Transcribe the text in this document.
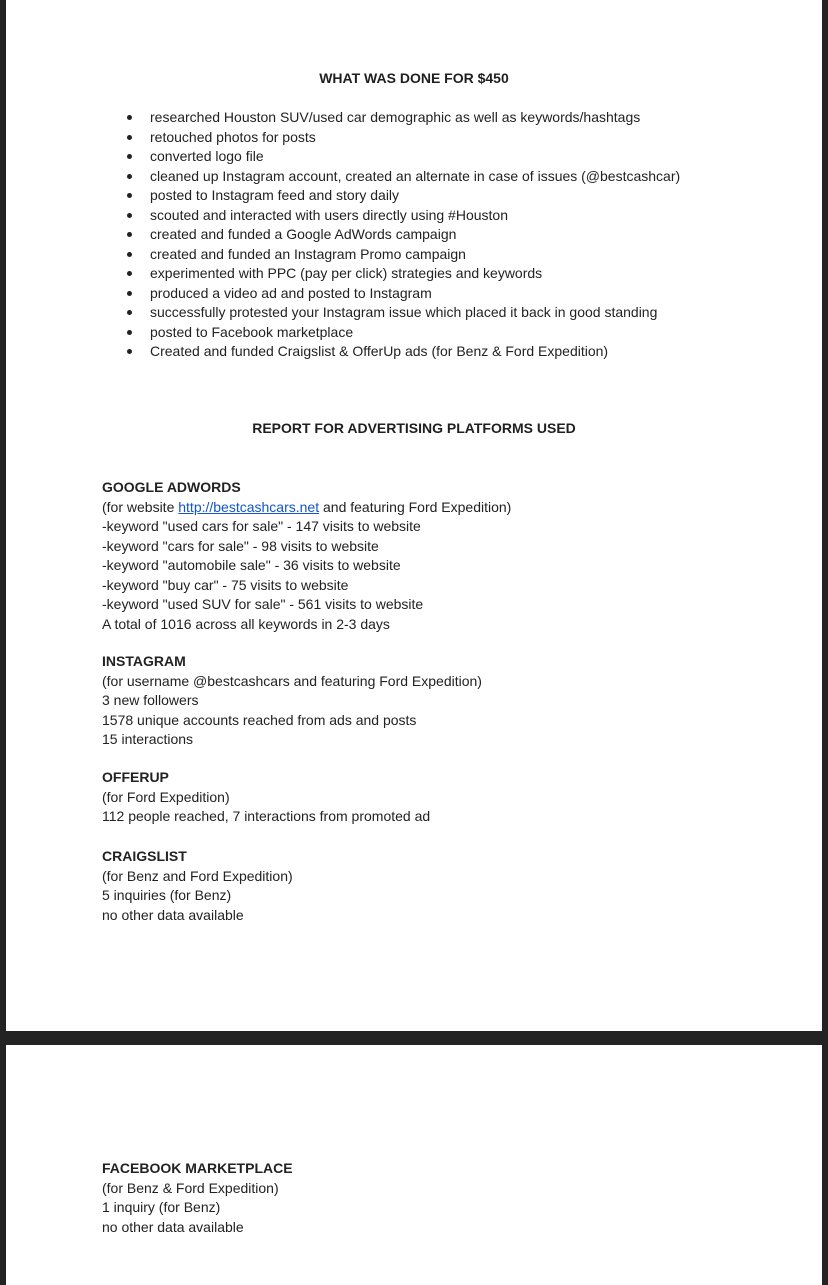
WHAT WAS DONE FOR $450
researched Houston SUV/used car demographic as well as keywords/hashtags
retouched photos for posts
converted logo file
cleaned up Instagram account, created an alternate in case of issues (@bestcashcar)
posted to Instagram feed and story daily
scouted and interacted with users directly using #Houston
created and funded a Google AdWords campaign
created and funded an Instagram Promo campaign
experimented with PPC (pay per click) strategies and keywords
produced a video ad and posted to Instagram
successfully protested your Instagram issue which placed it back in good standing
posted to Facebook marketplace
Created and funded Craigslist & OfferUp ads (for Benz & Ford Expedition)
REPORT FOR ADVERTISING PLATFORMS USED
GOOGLE ADWORDS
(for website http://bestcashcars.net and featuring Ford Expedition)
-keyword "used cars for sale" - 147 visits to website
-keyword "cars for sale" - 98 visits to website
-keyword "automobile sale" - 36 visits to website
-keyword "buy car" - 75 visits to website
-keyword "used SUV for sale" - 561 visits to website
A total of 1016 across all keywords in 2-3 days
INSTAGRAM
(for username @bestcashcars and featuring Ford Expedition)
3 new followers
1578 unique accounts reached from ads and posts
15 interactions
OFFERUP
(for Ford Expedition)
112 people reached, 7 interactions from promoted ad
CRAIGSLIST
(for Benz and Ford Expedition)
5 inquiries (for Benz)
no other data available
FACEBOOK MARKETPLACE
(for Benz & Ford Expedition)
1 inquiry (for Benz)
no other data available
